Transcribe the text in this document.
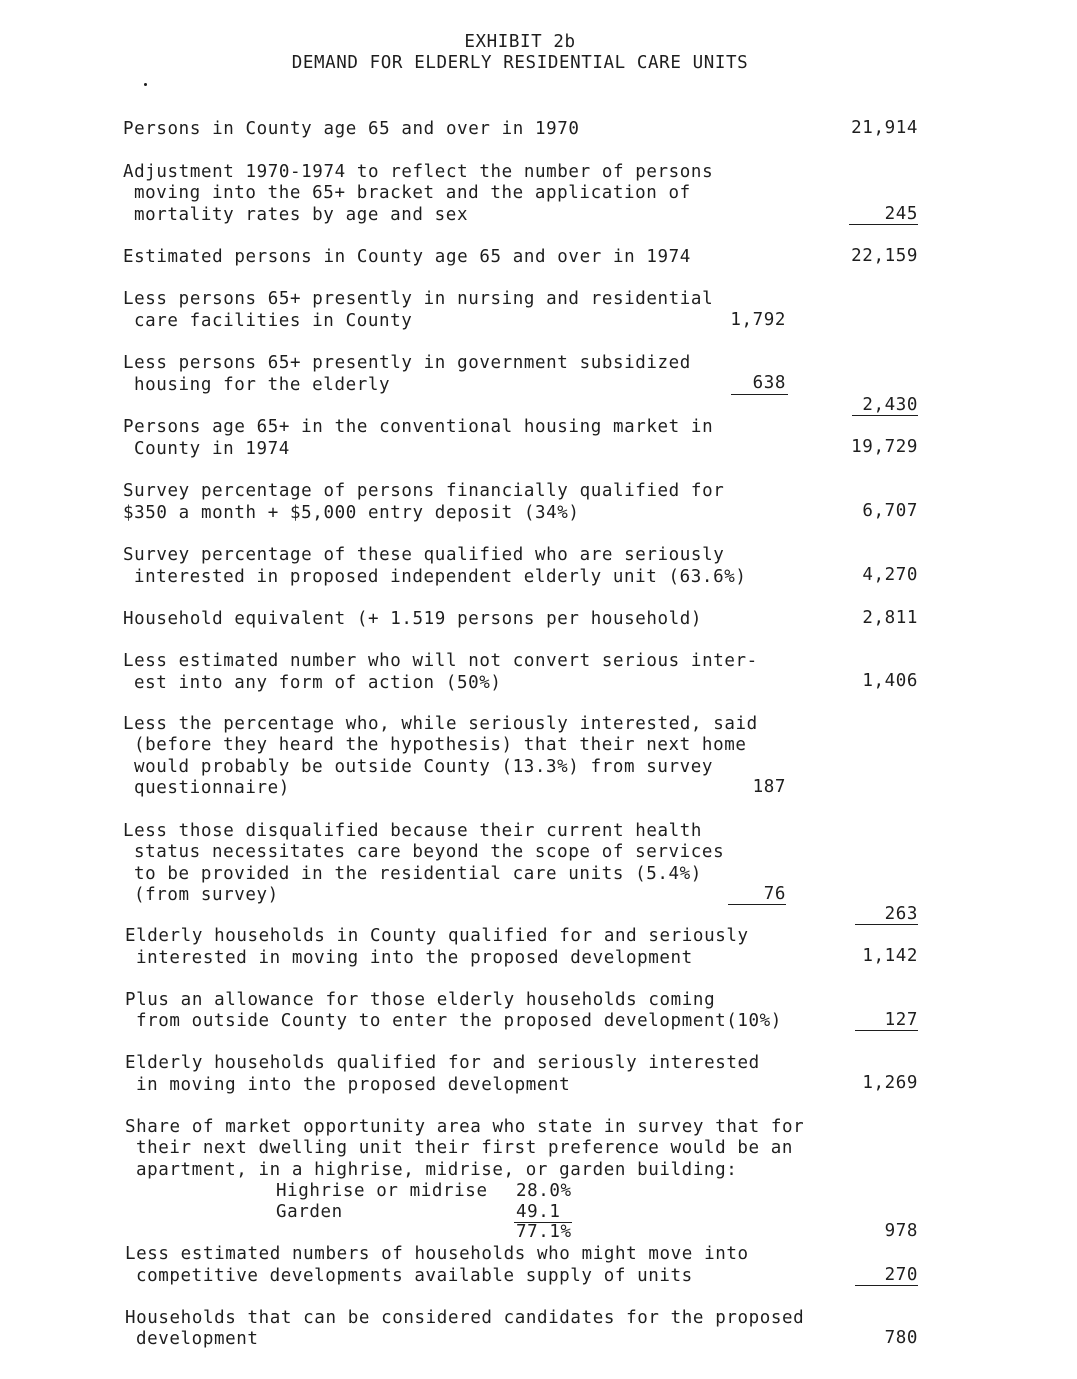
EXHIBIT 2b
DEMAND FOR ELDERLY RESIDENTIAL CARE UNITS
Persons in County age 65 and over in 1970	21,914
Adjustment 1970-1974 to reflect the number of persons
moving into the 65+ bracket and the application of
mortality rates by age and sex	245
Estimated persons in County age 65 and over in 1974	22,159
Less persons 65+ presently in nursing and residential
care facilities in County	1,792
Less persons 65+ presently in government subsidized
housing for the elderly	638
2,430
Persons age 65+ in the conventional housing market in
County in 1974	19,729
Survey percentage of persons financially qualified for
$350 a month + $5,000 entry deposit (34%)	6,707
Survey percentage of these qualified who are seriously
interested in proposed independent elderly unit (63.6%)	4,270
Household equivalent (+ 1.519 persons per household)	2,811
Less estimated number who will not convert serious inter-
est into any form of action (50%)	1,406
Less the percentage who, while seriously interested, said
(before they heard the hypothesis) that their next home
would probably be outside County (13.3%) from survey
questionnaire)	187
Less those disqualified because their current health
status necessitates care beyond the scope of services
to be provided in the residential care units (5.4%)
(from survey)	76
263
Elderly households in County qualified for and seriously
interested in moving into the proposed development	1,142
Plus an allowance for those elderly households coming
from outside County to enter the proposed development(10%)	127
Elderly households qualified for and seriously interested
in moving into the proposed development	1,269
Share of market opportunity area who state in survey that for
their next dwelling unit their first preference would be an
apartment, in a highrise, midrise, or garden building:
Highrise or midrise 28.0%
Garden	49.1
77.1%	978
Less estimated numbers of households who might move into
competitive developments available supply of units	270
Households that can be considered candidates for the proposed
development	780
